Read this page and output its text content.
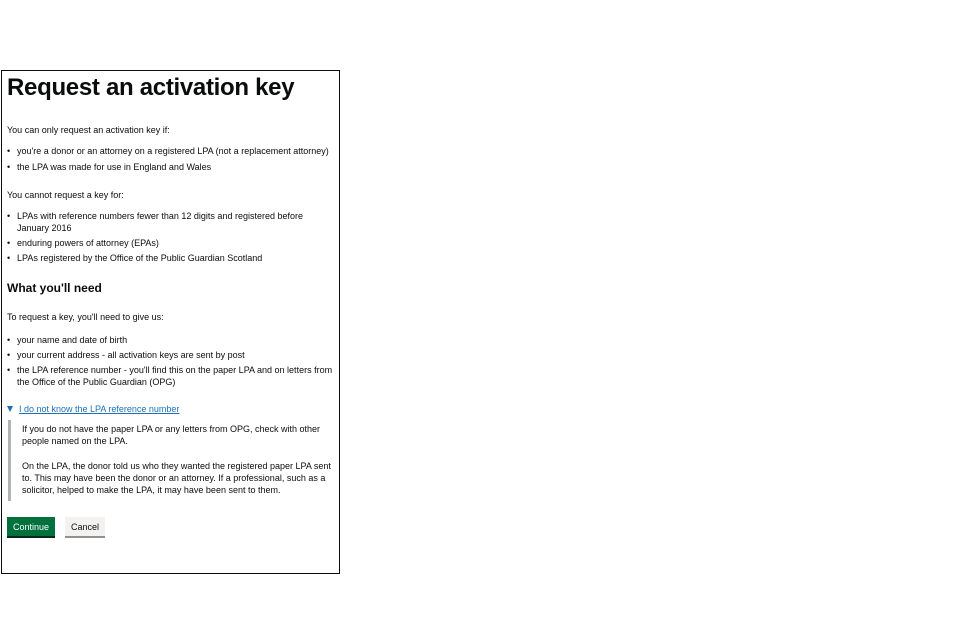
Request an activation key

You can only request an activation key if:

• you're a donor or an attorney on a registered LPA (not a replacement attorney)
• the LPA was made for use in England and Wales

You cannot request a key for:

• LPAs with reference numbers fewer than 12 digits and registered before January 2016
• enduring powers of attorney (EPAs)
• LPAs registered by the Office of the Public Guardian Scotland
What you'll need

To request a key, you'll need to give us:

• your name and date of birth
• your current address - all activation keys are sent by post
• the LPA reference number - you'll find this on the paper LPA and on letters from the Office of the Public Guardian (OPG)
I do not know the LPA reference number

If you do not have the paper LPA or any letters from OPG, check with other people named on the LPA.

On the LPA, the donor told us who they wanted the registered paper LPA sent to. This may have been the donor or an attorney. If a professional, such as a solicitor, helped to make the LPA, it may have been sent to them.

Continue	Cancel
